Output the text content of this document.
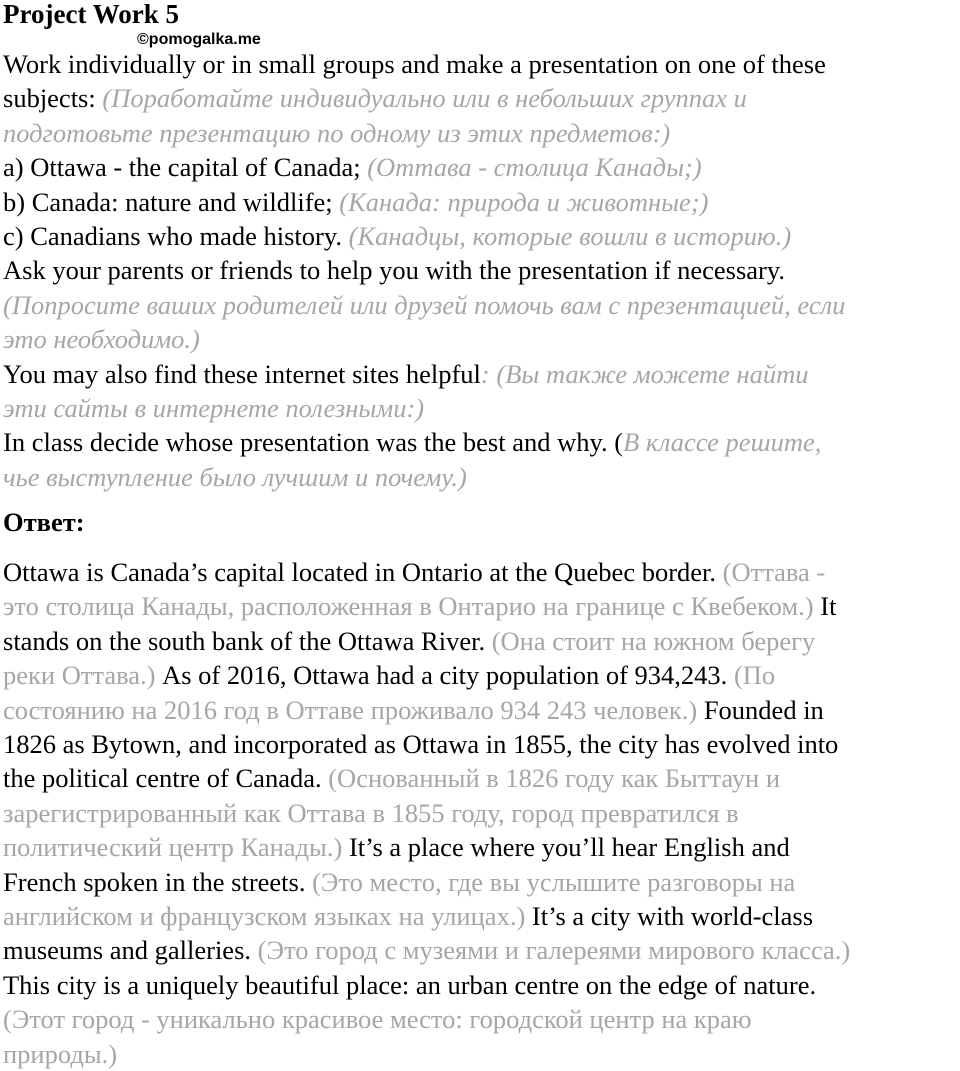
Project Work 5
©pomogalka.me
Work individually or in small groups and make a presentation on one of these
subjects: (Поработайте индивидуально или в небольших группах и
подготовьте презентацию по одному из этих предметов:)
a) Ottawa - the capital of Canada; (Оттава - столица Канады;)
b) Canada: nature and wildlife; (Канада: природа и животные;)
c) Canadians who made history. (Канадцы, которые вошли в историю.)
Ask your parents or friends to help you with the presentation if necessary.
(Попросите ваших родителей или друзей помочь вам с презентацией, если
это необходимо.)
You may also find these internet sites helpful: (Вы также можете найти
эти сайты в интернете полезными:)
In class decide whose presentation was the best and why. (В классе решите,
чье выступление было лучшим и почему.)
Ответ:
Ottawa is Canada’s capital located in Ontario at the Quebec border. (Оттава -
это столица Канады, расположенная в Онтарио на границе с Квебеком.) It
stands on the south bank of the Ottawa River. (Она стоит на южном берегу
реки Оттава.) As of 2016, Ottawa had a city population of 934,243. (По
состоянию на 2016 год в Оттаве проживало 934 243 человек.) Founded in
1826 as Bytown, and incorporated as Ottawa in 1855, the city has evolved into
the political centre of Canada. (Основанный в 1826 году как Быттаун и
зарегистрированный как Оттава в 1855 году, город превратился в
политический центр Канады.) It’s a place where you’ll hear English and
French spoken in the streets. (Это место, где вы услышите разговоры на
английском и французском языках на улицах.) It’s a city with world-class
museums and galleries. (Это город с музеями и галереями мирового класса.)
This city is a uniquely beautiful place: an urban centre on the edge of nature.
(Этот город - уникально красивое место: городской центр на краю
природы.)
